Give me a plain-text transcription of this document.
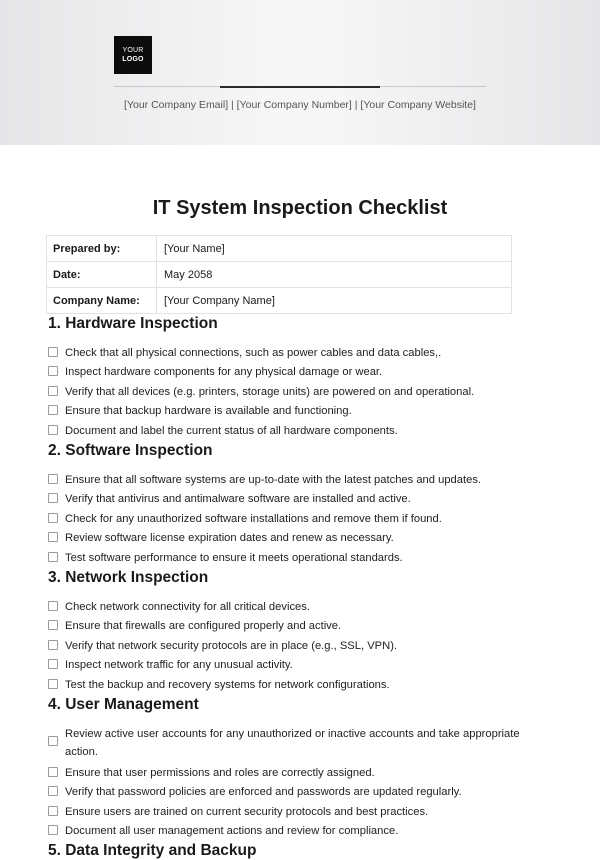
YOUR
LOGO
[Your Company Email] | [Your Company Number] | [Your Company Website]
IT System Inspection Checklist
Prepared by:	[Your Name]
Date:	May 2058
Company Name:	[Your Company Name]
1. Hardware Inspection
Check that all physical connections, such as power cables and data cables,.
Inspect hardware components for any physical damage or wear.
Verify that all devices (e.g. printers, storage units) are powered on and operational.
Ensure that backup hardware is available and functioning.
Document and label the current status of all hardware components.
2. Software Inspection
Ensure that all software systems are up-to-date with the latest patches and updates.
Verify that antivirus and antimalware software are installed and active.
Check for any unauthorized software installations and remove them if found.
Review software license expiration dates and renew as necessary.
Test software performance to ensure it meets operational standards.
3. Network Inspection
Check network connectivity for all critical devices.
Ensure that firewalls are configured properly and active.
Verify that network security protocols are in place (e.g., SSL, VPN).
Inspect network traffic for any unusual activity.
Test the backup and recovery systems for network configurations.
4. User Management
Review active user accounts for any unauthorized or inactive accounts and take appropriate action.
Ensure that user permissions and roles are correctly assigned.
Verify that password policies are enforced and passwords are updated regularly.
Ensure users are trained on current security protocols and best practices.
Document all user management actions and review for compliance.
5. Data Integrity and Backup
